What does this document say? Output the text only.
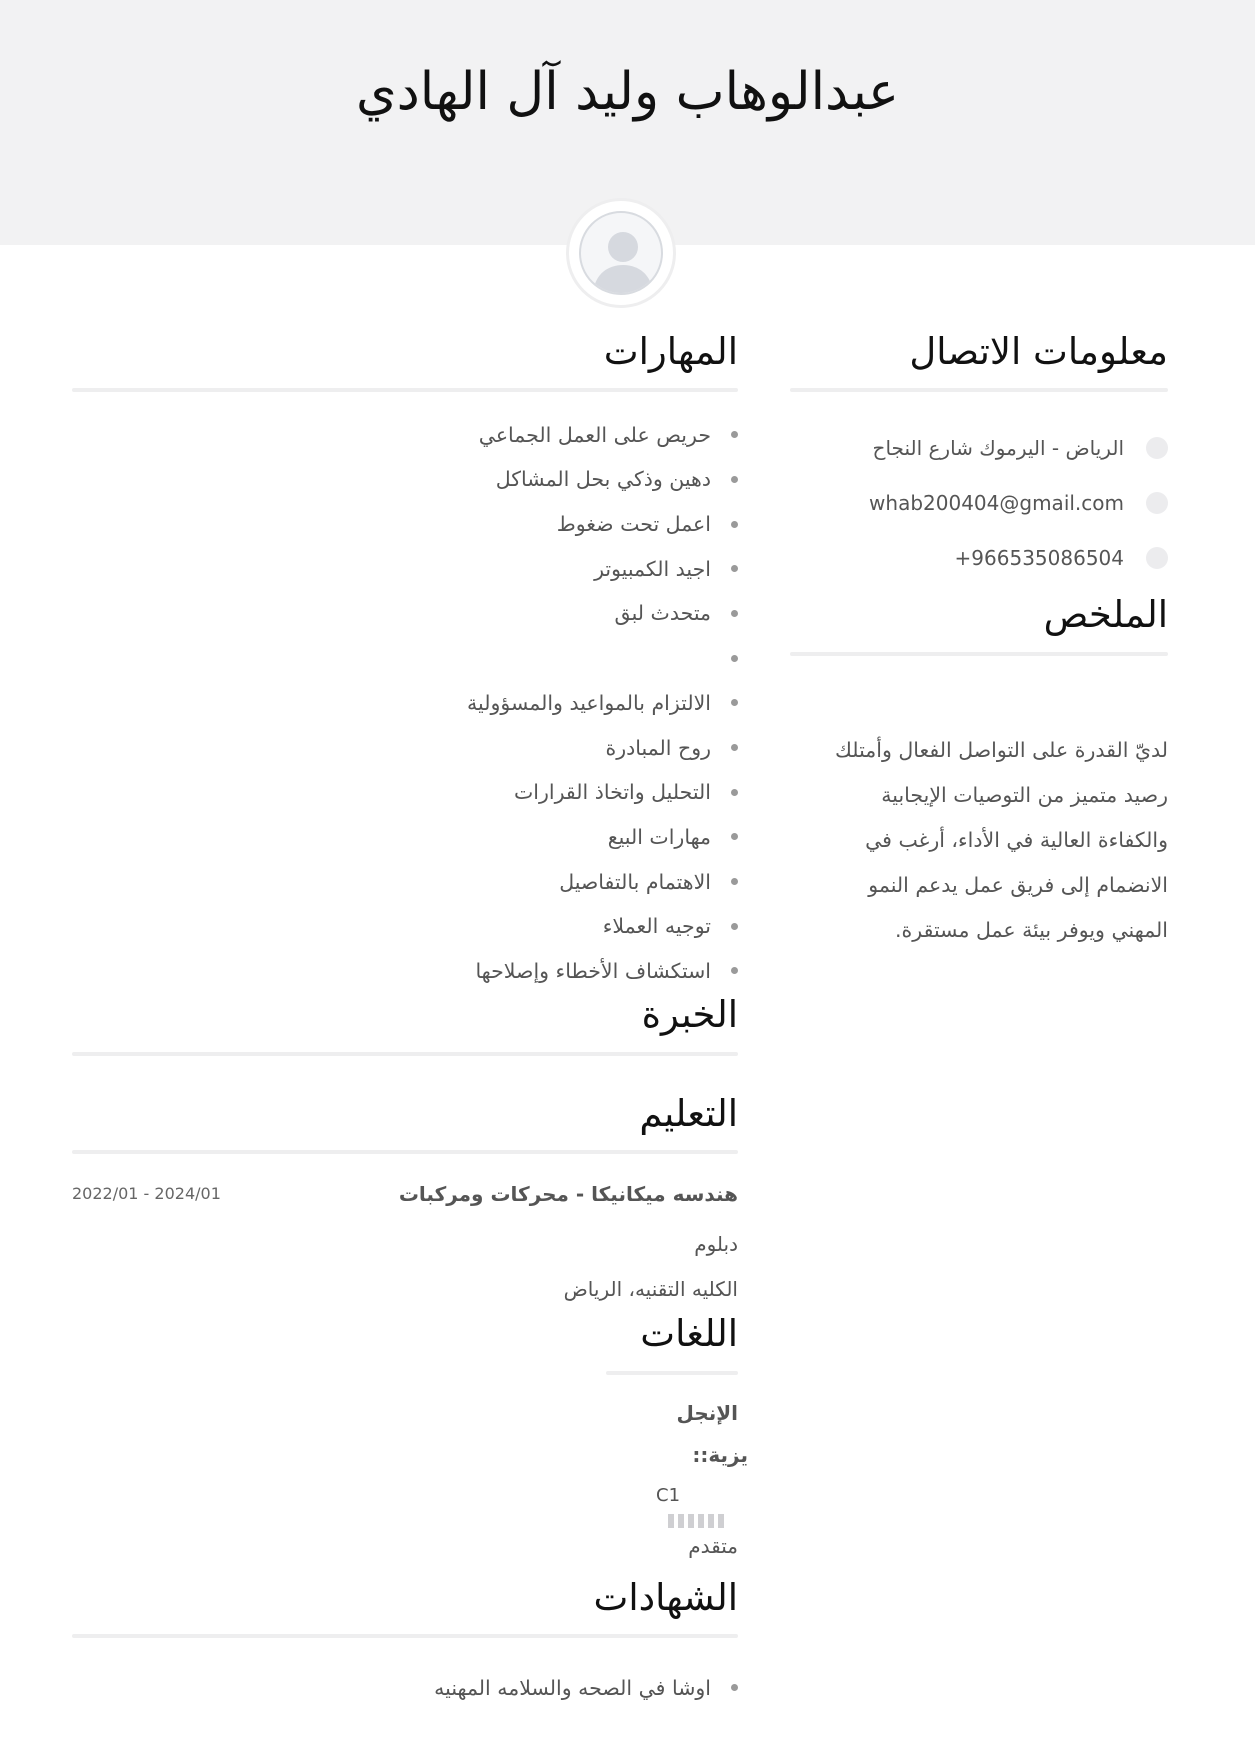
عبدالوهاب وليد آل الهادي
معلومات الاتصال
الرياض - اليرموك شارع النجاح
whab200404@gmail.com
+966535086504
الملخص
لديّ القدرة على التواصل الفعال وأمتلك
رصيد متميز من التوصيات الإيجابية
والكفاءة العالية في الأداء، أرغب في
الانضمام إلى فريق عمل يدعم النمو
المهني ويوفر بيئة عمل مستقرة.
المهارات
حريص على العمل الجماعي
دهين وذكي بحل المشاكل
اعمل تحت ضغوط
اجيد الكمبيوتر
متحدث لبق
الالتزام بالمواعيد والمسؤولية
روح المبادرة
التحليل واتخاذ القرارات
مهارات البيع
الاهتمام بالتفاصيل
توجيه العملاء
استكشاف الأخطاء وإصلاحها
الخبرة
التعليم
هندسه ميكانيكا - محركات ومركبات
2022/01 - 2024/01
دبلوم
الكليه التقنيه، الرياض
اللغات
الإنجل
يزية::
C1
متقدم
الشهادات
اوشا في الصحه والسلامه المهنيه
